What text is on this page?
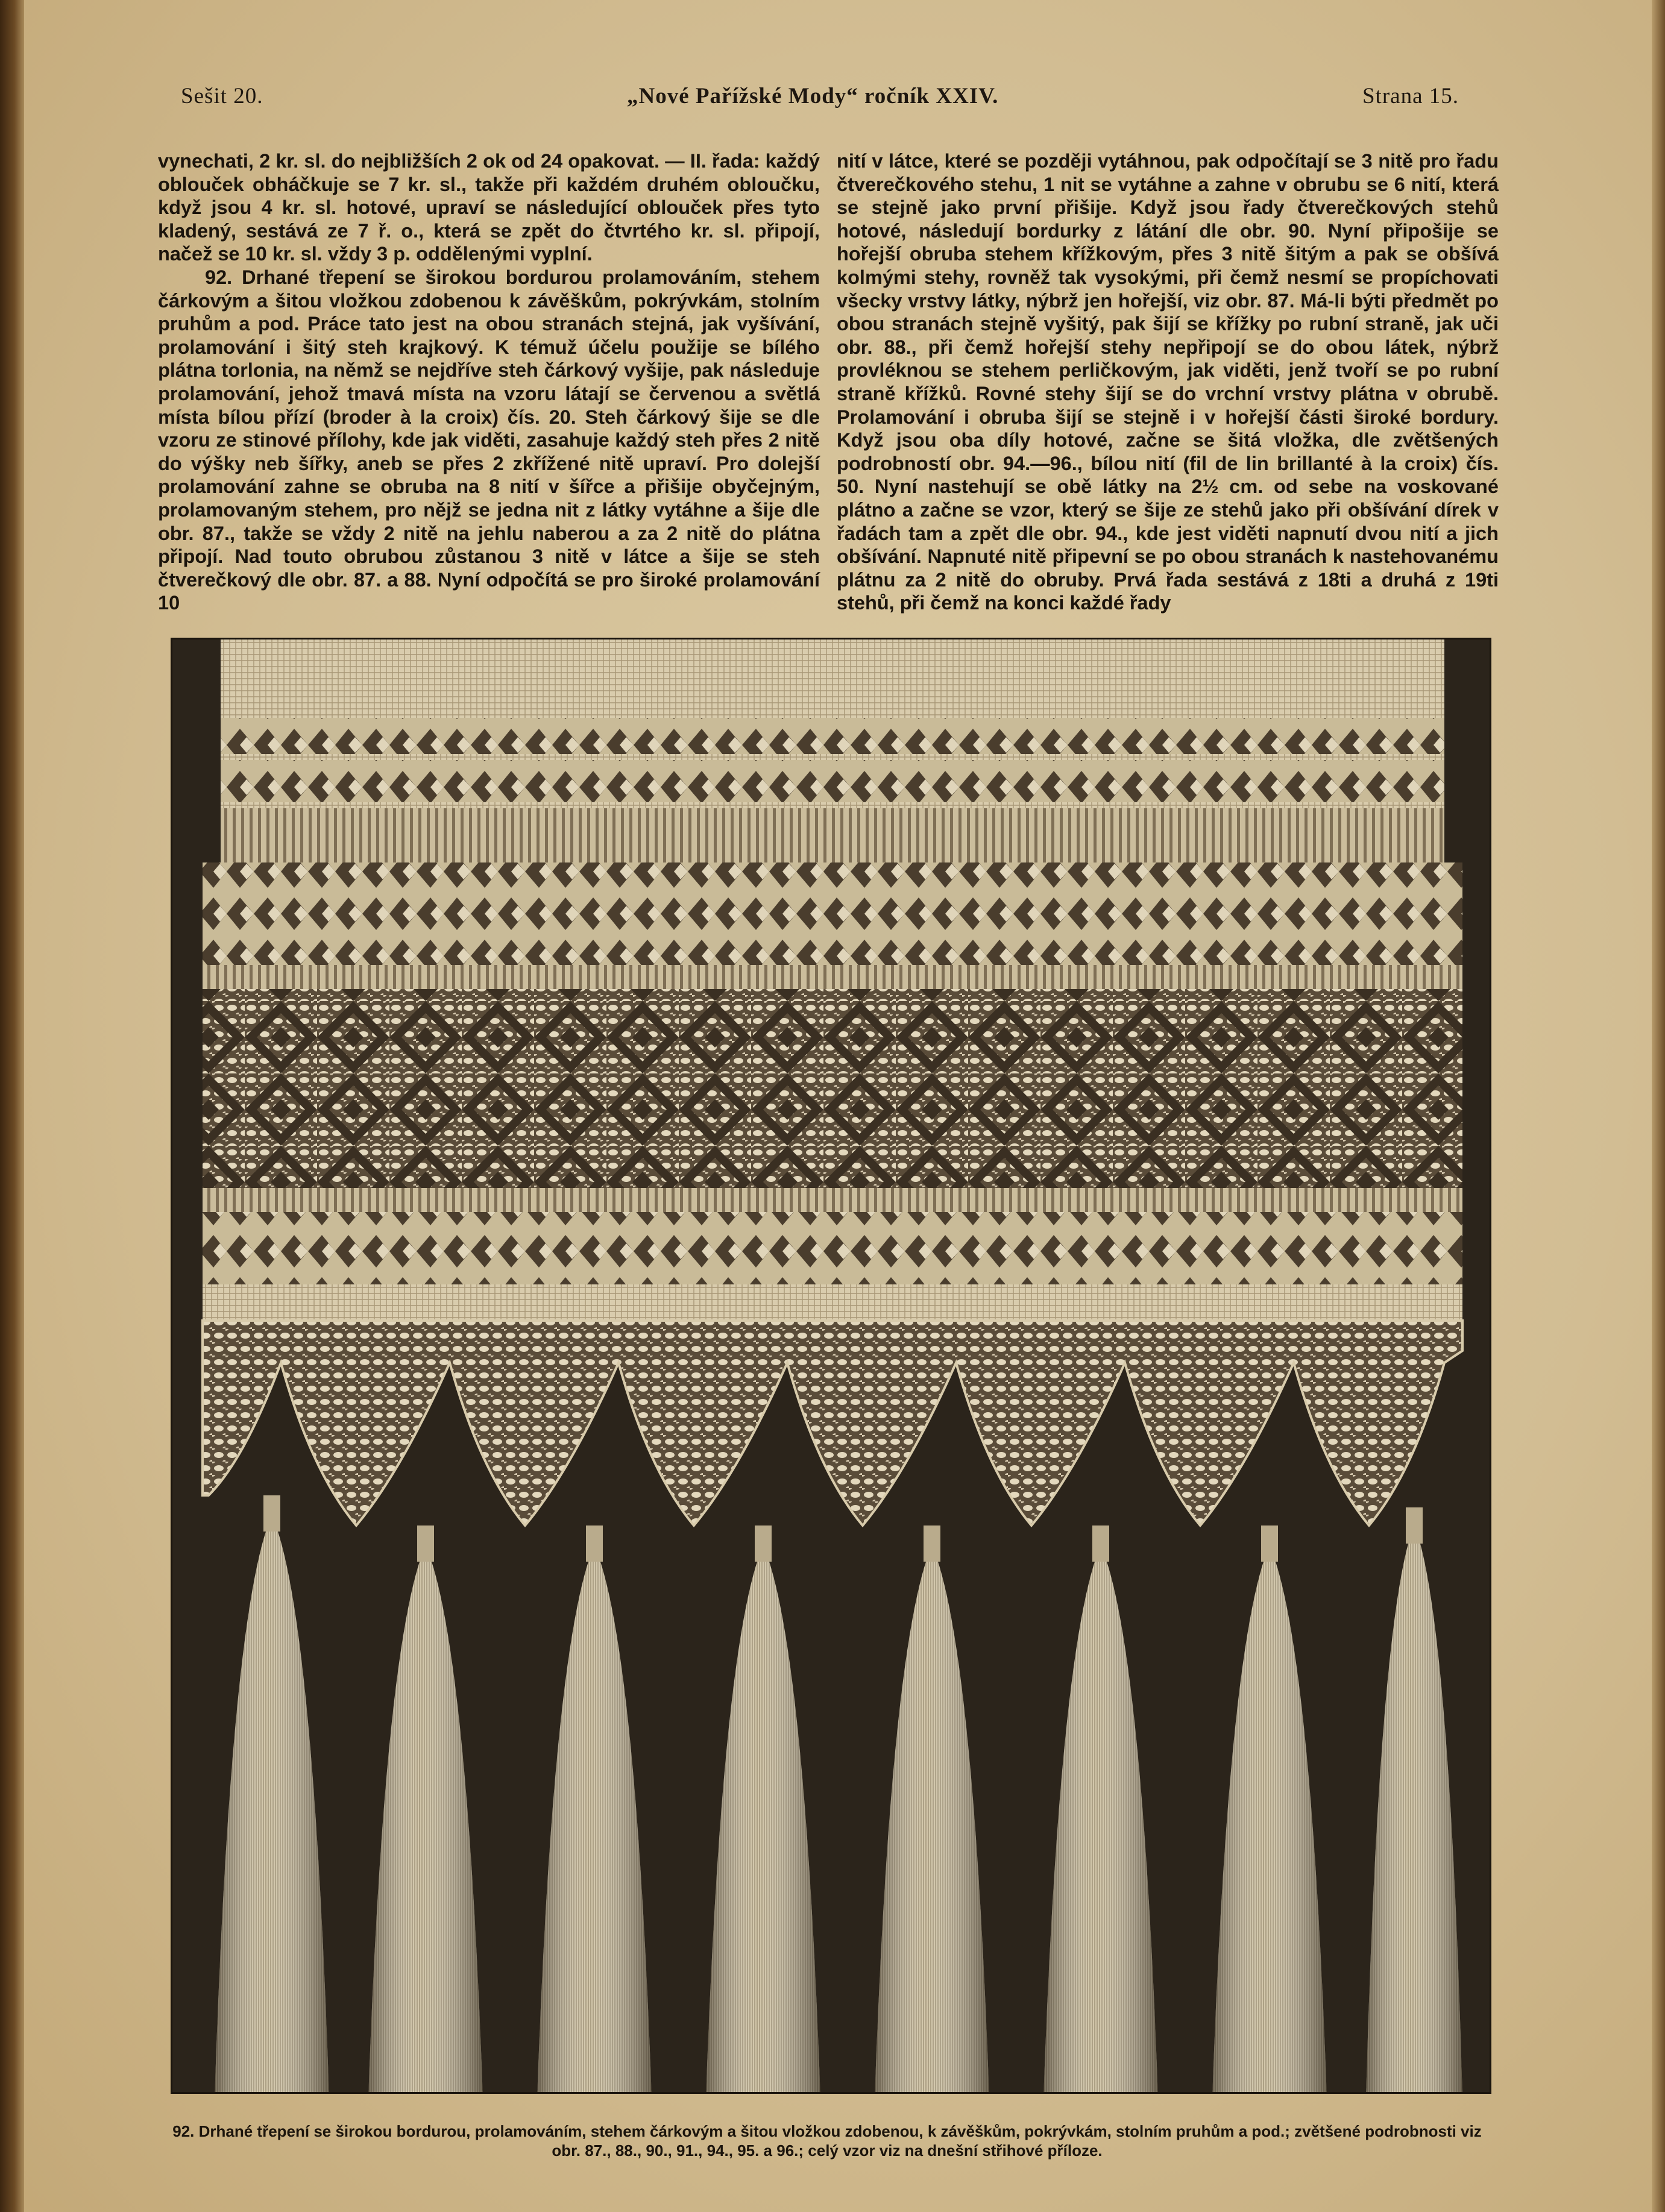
Sešit 20.	„Nové Pařížské Mody“ ročník XXIV.	Strana 15.

vynechati, 2 kr. sl. do nejbližších 2 ok od 24 opakovat. — II. řada: každý oblouček obháčkuje se 7 kr. sl., takže při každém druhém obloučku, když jsou 4 kr. sl. hotové, upraví se následující oblouček přes tyto kladený, sestává ze 7 ř. o., která se zpět do čtvrtého kr. sl. připojí, načež se 10 kr. sl. vždy 3 p. oddělenými vyplní.

92. Drhané třepení se širokou bordurou prolamováním, stehem čárkovým a šitou vložkou zdobenou k závěškům, pokrývkám, stolním pruhům a pod. Práce tato jest na obou stranách stejná, jak vyšívání, prolamování i šitý steh krajkový. K témuž účelu použije se bílého plátna torlonia, na němž se nejdříve steh čárkový vyšije, pak následuje prolamování, jehož tmavá místa na vzoru látají se červenou a světlá místa bílou přízí (broder à la croix) čís. 20. Steh čárkový šije se dle vzoru ze stinové přílohy, kde jak viděti, zasahuje každý steh přes 2 nitě do výšky neb šířky, aneb se přes 2 zkřížené nitě upraví. Pro dolejší prolamování zahne se obruba na 8 nití v šířce a přišije obyčejným, prolamovaným stehem, pro nějž se jedna nit z látky vytáhne a šije dle obr. 87., takže se vždy 2 nitě na jehlu naberou a za 2 nitě do plátna připojí. Nad touto obrubou zůstanou 3 nitě v látce a šije se steh čtverečkový dle obr. 87. a 88. Nyní odpočítá se pro široké prolamování 10

nití v látce, které se později vytáhnou, pak odpočítají se 3 nitě pro řadu čtverečkového stehu, 1 nit se vytáhne a zahne v obrubu se 6 nití, která se stejně jako první přišije. Když jsou řady čtverečkových stehů hotové, následují bordurky z látání dle obr. 90. Nyní připošije se hořejší obruba stehem křížkovým, přes 3 nitě šitým a pak se obšívá kolmými stehy, rovněž tak vysokými, při čemž nesmí se propíchovati všecky vrstvy látky, nýbrž jen hořejší, viz obr. 87. Má-li býti předmět po obou stranách stejně vyšitý, pak šijí se křížky po rubní straně, jak uči obr. 88., při čemž hořejší stehy nepřipojí se do obou látek, nýbrž provléknou se stehem perličkovým, jak viděti, jenž tvoří se po rubní straně křížků. Rovné stehy šijí se do vrchní vrstvy plátna v obrubě. Prolamování i obruba šijí se stejně i v hořejší části široké bordury. Když jsou oba díly hotové, začne se šitá vložka, dle zvětšených podrobností obr. 94.—96., bílou nití (fil de lin brillanté à la croix) čís. 50. Nyní nastehují se obě látky na 2½ cm. od sebe na voskované plátno a začne se vzor, který se šije ze stehů jako při obšívání dírek v řadách tam a zpět dle obr. 94., kde jest viděti napnutí dvou nití a jich obšívání. Napnuté nitě připevní se po obou stranách k nastehovanému plátnu za 2 nitě do obruby. Prvá řada sestává z 18ti a druhá z 19ti stehů, při čemž na konci každé řady

92. Drhané třepení se širokou bordurou, prolamováním, stehem čárkovým a šitou vložkou zdobenou, k závěškům, pokrývkám, stolním pruhům a pod.; zvětšené podrobnosti viz obr. 87., 88., 90., 91., 94., 95. a 96.; celý vzor viz na dnešní střihové příloze.
